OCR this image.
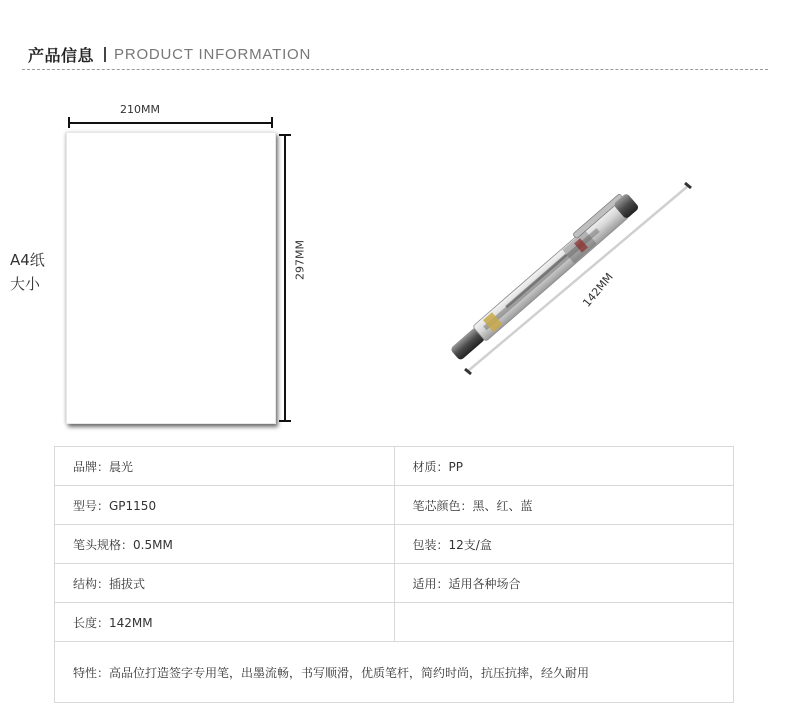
产品信息 PRODUCT INFORMATION
210MM
297MM
A4纸
大小	142MM
品牌：晨光	材质：PP
型号：GP1150	笔芯颜色：黑、红、蓝
笔头规格：0.5MM	包装：12支/盒
结构：插拔式	适用：适用各种场合
长度：142MM	
特性：高品位打造签字专用笔，出墨流畅，书写顺滑，优质笔杆，简约时尚，抗压抗摔，经久耐用	
